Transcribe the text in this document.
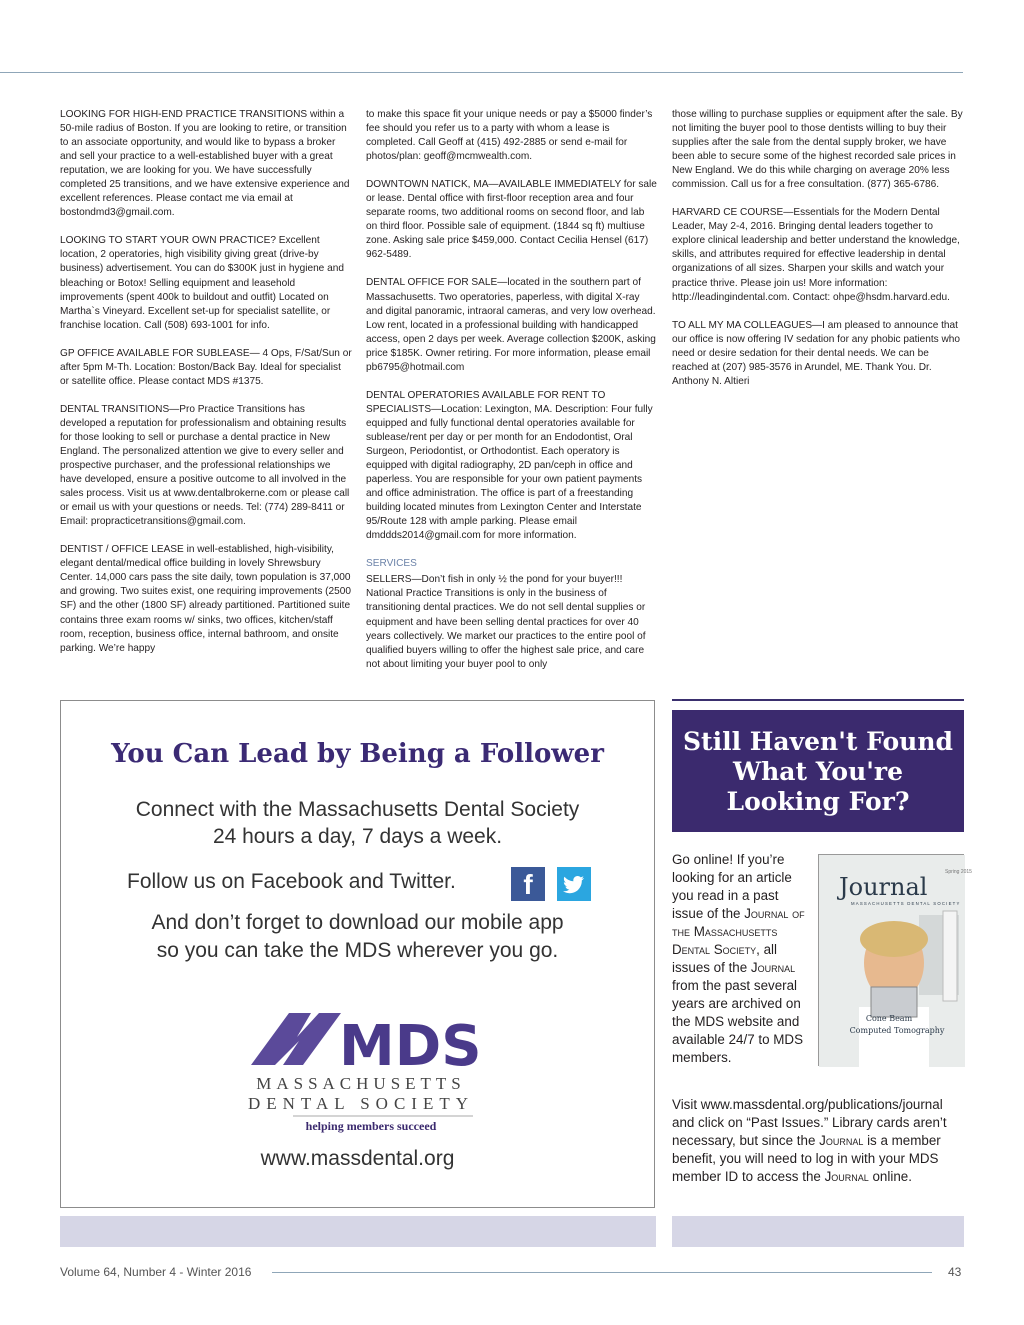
LOOKING FOR HIGH-END PRACTICE TRANSITIONS within a 50-mile radius of Boston. If you are looking to retire, or transition to an associate opportunity, and would like to bypass a broker and sell your practice to a well-established buyer with a great reputation, we are looking for you. We have successfully completed 25 transitions, and we have extensive experience and excellent references. Please contact me via email at bostondmd3@gmail.com.

LOOKING TO START YOUR OWN PRACTICE? Excellent location, 2 operatories, high visibility giving great (drive-by business) advertisement. You can do $300K just in hygiene and bleaching or Botox! Selling equipment and leasehold improvements (spent 400k to buildout and outfit) Located on Martha`s Vineyard. Excellent set-up for specialist satellite, or franchise location. Call (508) 693-1001 for info.

GP OFFICE AVAILABLE FOR SUBLEASE— 4 Ops, F/Sat/Sun or after 5pm M-Th. Location: Boston/Back Bay. Ideal for specialist or satellite office. Please contact MDS #1375.

DENTAL TRANSITIONS—Pro Practice Transitions has developed a reputation for professionalism and obtaining results for those looking to sell or purchase a dental practice in New England. The personalized attention we give to every seller and prospective purchaser, and the professional relationships we have developed, ensure a positive outcome to all involved in the sales process. Visit us at www.dentalbrokerne.com or please call or email us with your questions or needs. Tel: (774) 289-8411 or Email: propracticetransitions@gmail.com.

DENTIST / OFFICE LEASE in well-established, high-visibility, elegant dental/medical office building in lovely Shrewsbury Center. 14,000 cars pass the site daily, town population is 37,000 and growing. Two suites exist, one requiring improvements (2500 SF) and the other (1800 SF) already partitioned. Partitioned suite contains three exam rooms w/ sinks, two offices, kitchen/staff room, reception, business office, internal bathroom, and onsite parking. We’re happy

to make this space fit your unique needs or pay a $5000 finder’s fee should you refer us to a party with whom a lease is completed. Call Geoff at (415) 492-2885 or send e-mail for photos/plan: geoff@mcmwealth.com.

DOWNTOWN NATICK, MA—AVAILABLE IMMEDIATELY for sale or lease. Dental office with first-floor reception area and four separate rooms, two additional rooms on second floor, and lab on third floor. Possible sale of equipment. (1844 sq ft) multiuse zone. Asking sale price $459,000. Contact Cecilia Hensel (617) 962-5489.

DENTAL OFFICE FOR SALE—located in the southern part of Massachusetts. Two operatories, paperless, with digital X-ray and digital panoramic, intraoral cameras, and very low overhead. Low rent, located in a professional building with handicapped access, open 2 days per week. Average collection $200K, asking price $185K. Owner retiring. For more information, please email pb6795@hotmail.com

DENTAL OPERATORIES AVAILABLE FOR RENT TO SPECIALISTS—Location: Lexington, MA. Description: Four fully equipped and fully functional dental operatories available for sublease/rent per day or per month for an Endodontist, Oral Surgeon, Periodontist, or Orthodontist. Each operatory is equipped with digital radiography, 2D pan/ceph in office and paperless. You are responsible for your own patient payments and office administration. The office is part of a freestanding building located minutes from Lexington Center and Interstate 95/Route 128 with ample parking. Please email dmddds2014@gmail.com for more information.

SERVICES

SELLERS—Don’t fish in only ½ the pond for your buyer!!! National Practice Transitions is only in the business of transitioning dental practices. We do not sell dental supplies or equipment and have been selling dental practices for over 40 years collectively. We market our practices to the entire pool of qualified buyers willing to offer the highest sale price, and care not about limiting your buyer pool to only

those willing to purchase supplies or equipment after the sale. By not limiting the buyer pool to those dentists willing to buy their supplies after the sale from the dental supply broker, we have been able to secure some of the highest recorded sale prices in New England. We do this while charging on average 20% less commission. Call us for a free consultation. (877) 365-6786.

HARVARD CE COURSE—Essentials for the Modern Dental Leader, May 2-4, 2016. Bringing dental leaders together to explore clinical leadership and better understand the knowledge, skills, and attributes required for effective leadership in dental organizations of all sizes. Sharpen your skills and watch your practice thrive. Please join us! More information: http://leadingindental.com. Contact: ohpe@hsdm.harvard.edu.

TO ALL MY MA COLLEAGUES—I am pleased to announce that our office is now offering IV sedation for any phobic patients who need or desire sedation for their dental needs. We can be reached at (207) 985-3576 in Arundel, ME. Thank You. Dr. Anthony N. Altieri

You Can Lead by Being a Follower
Connect with the Massachusetts Dental Society
24 hours a day, 7 days a week.
Follow us on Facebook and Twitter.	f
And don’t forget to download our mobile app
so you can take the MDS wherever you go.
MDS
MASSACHUSETTS
DENTAL SOCIETY
helping members succeed
www.massdental.org
Still Haven't Found
What You're
Looking For?
Go online! If you’re looking for an article you read in a past issue of the Journal of the Massachusetts Dental Society, all issues of the Journal from the past several years are archived on the MDS website and available 24/7 to MDS members.
Spring 2015
Journal
MASSACHUSETTS DENTAL SOCIETY
Cone Beam
Computed Tomography
Visit www.massdental.org/publications/journal and click on “Past Issues.” Library cards aren’t necessary, but since the Journal is a member benefit, you will need to log in with your MDS member ID to access the Journal online.
Volume 64, Number 4 - Winter 2016	43
